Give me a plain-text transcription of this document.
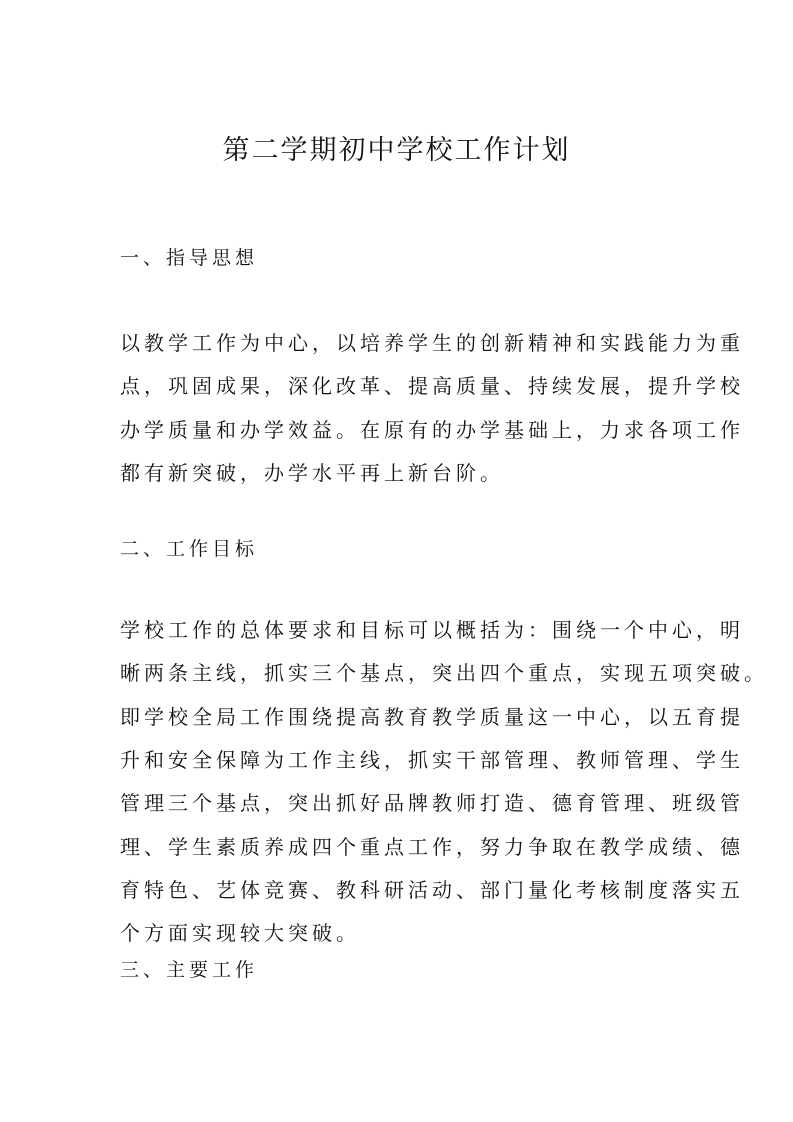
第二学期初中学校工作计划
一、指导思想
以教学工作为中心，以培养学生的创新精神和实践能力为重
点，巩固成果，深化改革、提高质量、持续发展，提升学校
办学质量和办学效益。在原有的办学基础上，力求各项工作
都有新突破，办学水平再上新台阶。
二、工作目标
学校工作的总体要求和目标可以概括为：围绕一个中心，明
晰两条主线，抓实三个基点，突出四个重点，实现五项突破。
即学校全局工作围绕提高教育教学质量这一中心，以五育提
升和安全保障为工作主线，抓实干部管理、教师管理、学生
管理三个基点，突出抓好品牌教师打造、德育管理、班级管
理、学生素质养成四个重点工作，努力争取在教学成绩、德
育特色、艺体竞赛、教科研活动、部门量化考核制度落实五
个方面实现较大突破。
三、主要工作
